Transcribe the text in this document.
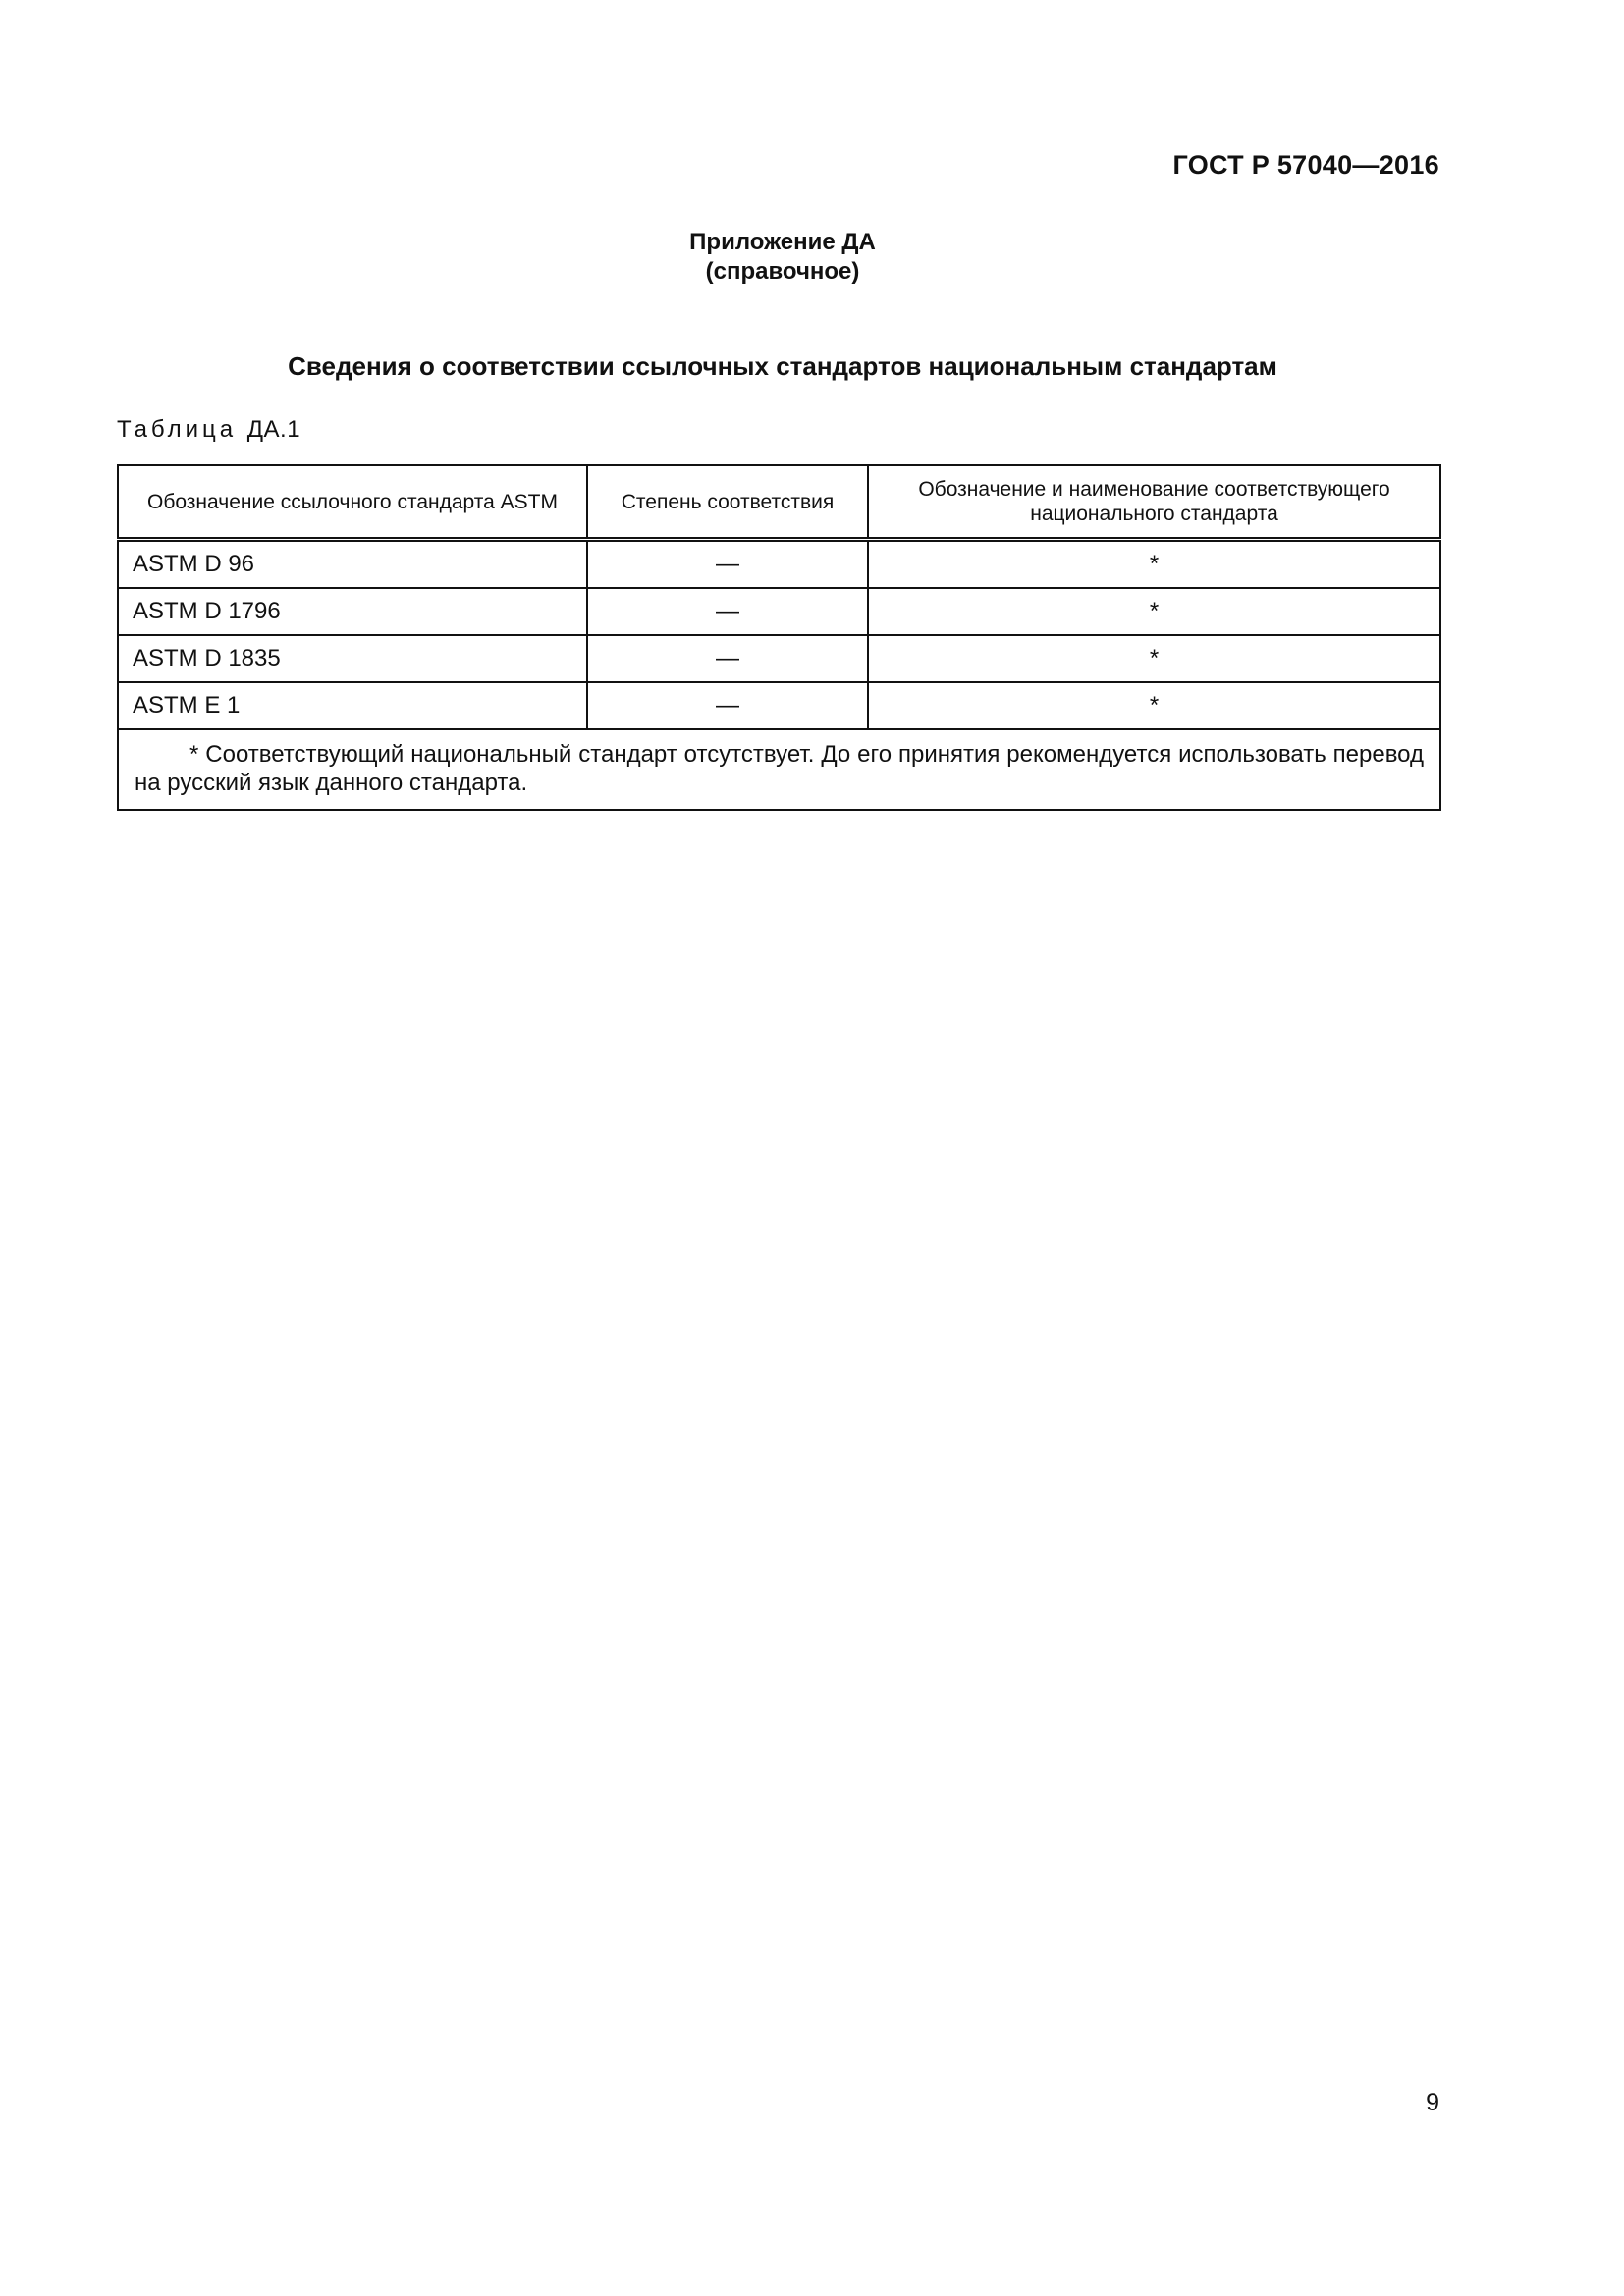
ГОСТ Р 57040—2016
Приложение ДА
(справочное)
Сведения о соответствии ссылочных стандартов национальным стандартам
Таблица ДА.1
Обозначение ссылочного стандарта ASTM	Степень соответствия	Обозначение и наименование соответствующего национального стандарта
ASTM D 96	—	*
ASTM D 1796	—	*
ASTM D 1835	—	*
ASTM E 1	—	*
* Соответствующий национальный стандарт отсутствует. До его принятия рекомендуется использовать перевод на русский язык данного стандарта.		
9
